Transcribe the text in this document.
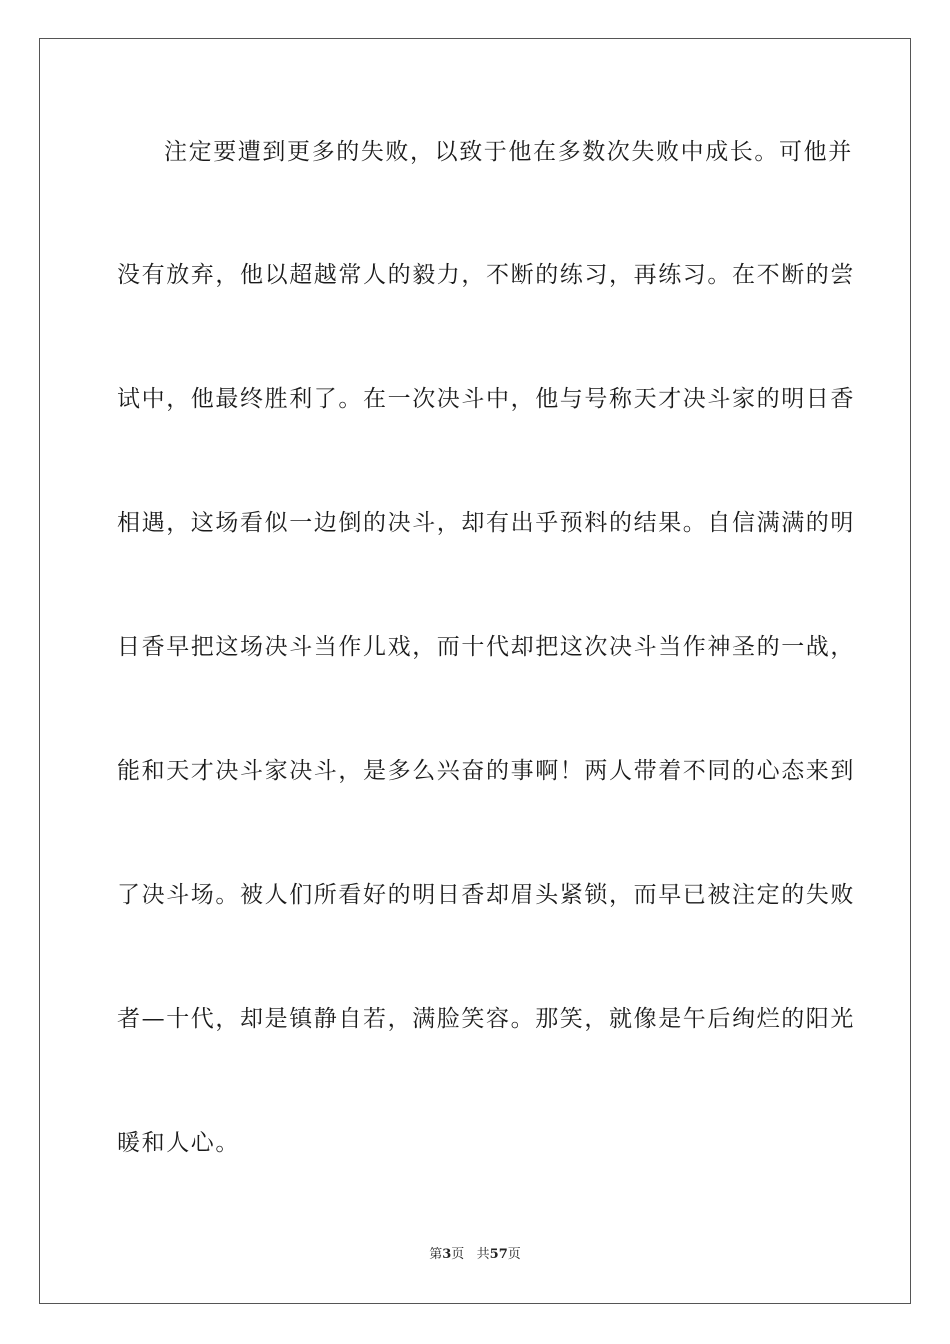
注定要遭到更多的失败，以致于他在多数次失败中成长。可他并

没有放弃，他以超越常人的毅力，不断的练习，再练习。在不断的尝

试中，他最终胜利了。在一次决斗中，他与号称天才决斗家的明日香

相遇，这场看似一边倒的决斗，却有出乎预料的结果。自信满满的明

日香早把这场决斗当作儿戏，而十代却把这次决斗当作神圣的一战，

能和天才决斗家决斗，是多么兴奋的事啊！两人带着不同的心态来到

了决斗场。被人们所看好的明日香却眉头紧锁，而早已被注定的失败

者—十代，却是镇静自若，满脸笑容。那笑，就像是午后绚烂的阳光

暖和人心。

第3页   共57页
